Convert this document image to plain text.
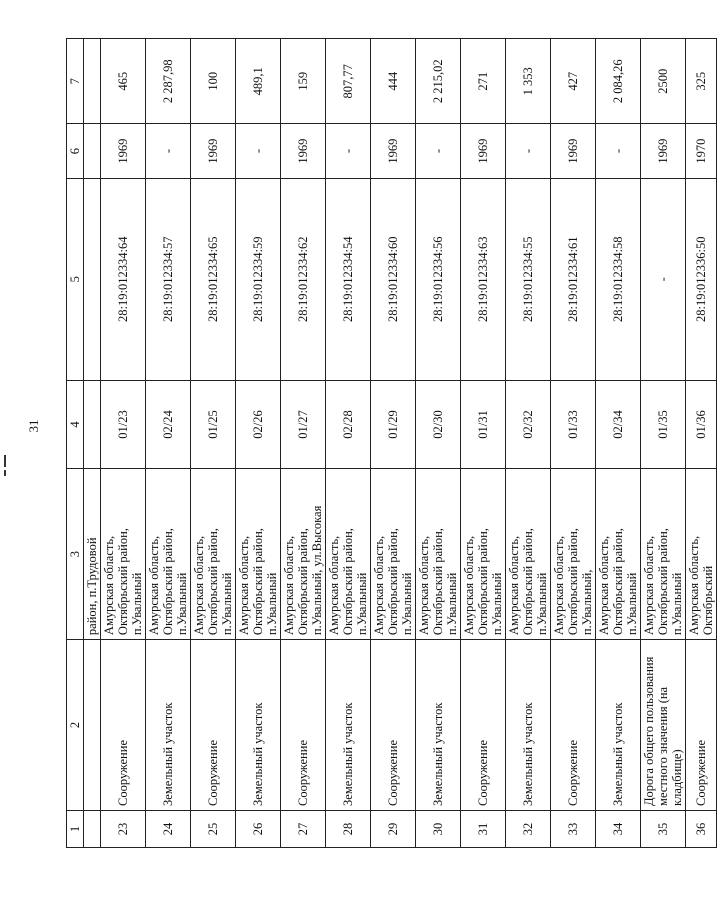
31
1	2	3	4	5	6	7
		район, п.Трудовой				
23	Сооружение	Амурская область, Октябрьский район, п.Увальный	01/23	28:19:012334:64	1969	465
24	Земельный участок	Амурская область, Октябрьский район, п.Увальный	02/24	28:19:012334:57	-	2 287,98
25	Сооружение	Амурская область, Октябрьский район, п.Увальный	01/25	28:19:012334:65	1969	100
26	Земельный участок	Амурская область, Октябрьский район, п.Увальный	02/26	28:19:012334:59	-	489,1
27	Сооружение	Амурская область, Октябрьский район, п.Увальный, ул.Высокая	01/27	28:19:012334:62	1969	159
28	Земельный участок	Амурская область, Октябрьский район, п.Увальный	02/28	28:19:012334:54	-	807,77
29	Сооружение	Амурская область, Октябрьский район, п.Увальный	01/29	28:19:012334:60	1969	444
30	Земельный участок	Амурская область, Октябрьский район, п.Увальный	02/30	28:19:012334:56	-	2 215,02
31	Сооружение	Амурская область, Октябрьский район, п.Увальный	01/31	28:19:012334:63	1969	271
32	Земельный участок	Амурская область, Октябрьский район, п.Увальный	02/32	28:19:012334:55	-	1 353
33	Сооружение	Амурская область, Октябрьский район, п.Увальный,	01/33	28:19:012334:61	1969	427
34	Земельный участок	Амурская область, Октябрьский район, п.Увальный	02/34	28:19:012334:58	-	2 084,26
35	Дорога общего пользования местного значения (на кладбище)	Амурская область, Октябрьский район, п.Увальный	01/35	-	1969	2500
36	Сооружение	Амурская область, Октябрьский	01/36	28:19:012336:50	1970	325
